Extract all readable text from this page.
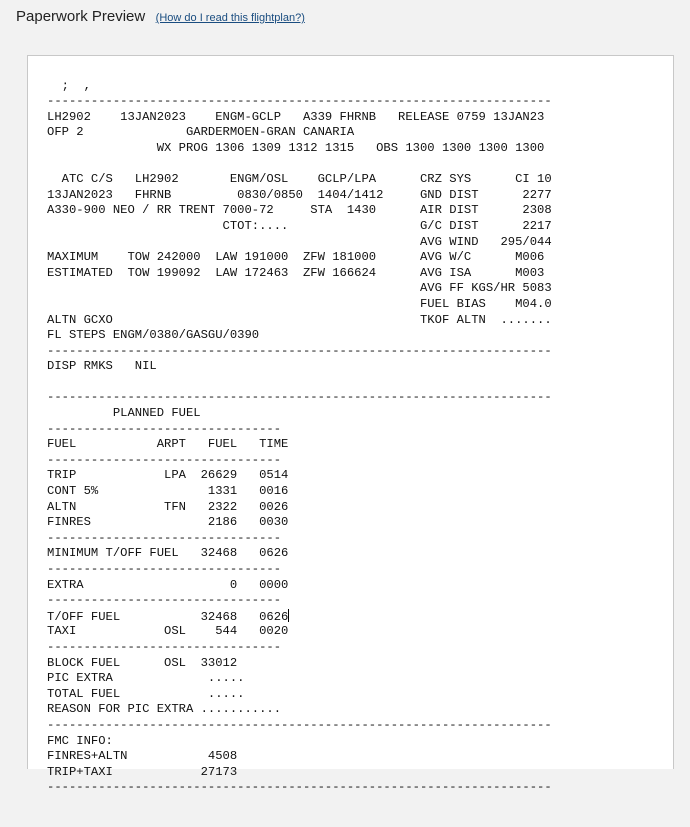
Paperwork Preview (How do I read this flightplan?)

;  ,
---------------------------------------------------------------------
LH2902    13JAN2023    ENGM-GCLP   A339 FHRNB   RELEASE 0759 13JAN23
OFP 2              GARDERMOEN-GRAN CANARIA
WX PROG 1306 1309 1312 1315   OBS 1300 1300 1300 1300
ATC C/S   LH2902       ENGM/OSL    GCLP/LPA      CRZ SYS      CI 10
13JAN2023   FHRNB         0830/0850  1404/1412     GND DIST      2277
A330-900 NEO / RR TRENT 7000-72     STA  1430      AIR DIST      2308
CTOT:....                  G/C DIST      2217
AVG WIND   295/044
MAXIMUM    TOW 242000  LAW 191000  ZFW 181000      AVG W/C      M006
ESTIMATED  TOW 199092  LAW 172463  ZFW 166624      AVG ISA      M003
AVG FF KGS/HR 5083
FUEL BIAS    M04.0
ALTN GCXO                                          TKOF ALTN  .......
FL STEPS ENGM/0380/GASGU/0390
---------------------------------------------------------------------
DISP RMKS   NIL
---------------------------------------------------------------------
PLANNED FUEL
--------------------------------
FUEL           ARPT   FUEL   TIME
--------------------------------
TRIP            LPA  26629   0514
CONT 5%               1331   0016
ALTN            TFN   2322   0026
FINRES                2186   0030
--------------------------------
MINIMUM T/OFF FUEL   32468   0626
--------------------------------
EXTRA                    0   0000
--------------------------------
T/OFF FUEL           32468   0626
TAXI            OSL    544   0020
--------------------------------
BLOCK FUEL      OSL  33012
PIC EXTRA             .....
TOTAL FUEL            .....
REASON FOR PIC EXTRA ...........
---------------------------------------------------------------------
FMC INFO:
FINRES+ALTN           4508
TRIP+TAXI            27173
---------------------------------------------------------------------
